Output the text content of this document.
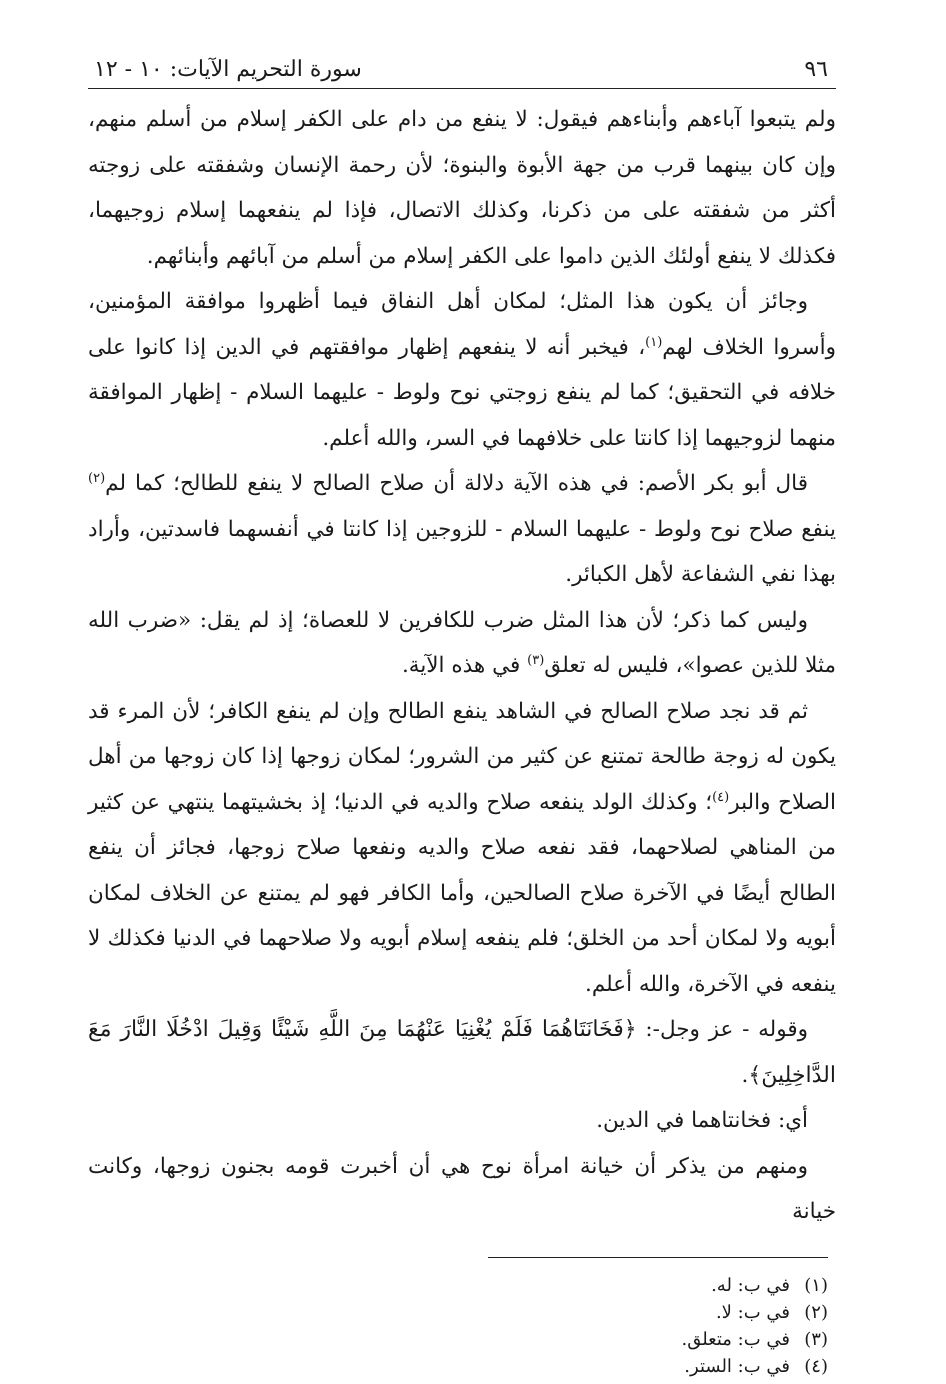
٩٦
سورة التحريم الآيات: ١٠ - ١٢

ولم يتبعوا آباءهم وأبناءهم فيقول: لا ينفع من دام على الكفر إسلام من أسلم منهم، وإن كان بينهما قرب من جهة الأبوة والبنوة؛ لأن رحمة الإنسان وشفقته على زوجته أكثر من شفقته على من ذكرنا، وكذلك الاتصال، فإذا لم ينفعهما إسلام زوجيهما، فكذلك لا ينفع أولئك الذين داموا على الكفر إسلام من أسلم من آبائهم وأبنائهم.

وجائز أن يكون هذا المثل؛ لمكان أهل النفاق فيما أظهروا موافقة المؤمنين، وأسروا الخلاف لهم$^{(١)}$، فيخبر أنه لا ينفعهم إظهار موافقتهم في الدين إذا كانوا على خلافه في التحقيق؛ كما لم ينفع زوجتي نوح ولوط - عليهما السلام - إظهار الموافقة منهما لزوجيهما إذا كانتا على خلافهما في السر، والله أعلم.

قال أبو بكر الأصم: في هذه الآية دلالة أن صلاح الصالح لا ينفع للطالح؛ كما لم$^{(٢)}$ ينفع صلاح نوح ولوط - عليهما السلام - للزوجين إذا كانتا في أنفسهما فاسدتين، وأراد بهذا نفي الشفاعة لأهل الكبائر.

وليس كما ذكر؛ لأن هذا المثل ضرب للكافرين لا للعصاة؛ إذ لم يقل: «ضرب الله مثلا للذين عصوا»، فليس له تعلق$^{(٣)}$ في هذه الآية.

ثم قد نجد صلاح الصالح في الشاهد ينفع الطالح وإن لم ينفع الكافر؛ لأن المرء قد يكون له زوجة طالحة تمتنع عن كثير من الشرور؛ لمكان زوجها إذا كان زوجها من أهل الصلاح والبر$^{(٤)}$؛ وكذلك الولد ينفعه صلاح والديه في الدنيا؛ إذ بخشيتهما ينتهي عن كثير من المناهي لصلاحهما، فقد نفعه صلاح والديه ونفعها صلاح زوجها، فجائز أن ينفع الطالح أيضًا في الآخرة صلاح الصالحين، وأما الكافر فهو لم يمتنع عن الخلاف لمكان أبويه ولا لمكان أحد من الخلق؛ فلم ينفعه إسلام أبويه ولا صلاحهما في الدنيا فكذلك لا ينفعه في الآخرة، والله أعلم.

وقوله - عز وجل-: ﴿فَخَانَتَاهُمَا فَلَمْ يُغْنِيَا عَنْهُمَا مِنَ اللَّهِ شَيْئًا وَقِيلَ ادْخُلَا النَّارَ مَعَ الدَّاخِلِينَ﴾.

أي: فخانتاهما في الدين.

ومنهم من يذكر أن خيانة امرأة نوح هي أن أخبرت قومه بجنون زوجها، وكانت خيانة

(١)في ب: له.
(٢)في ب: لا.
(٣)في ب: متعلق.
(٤)في ب: الستر.
